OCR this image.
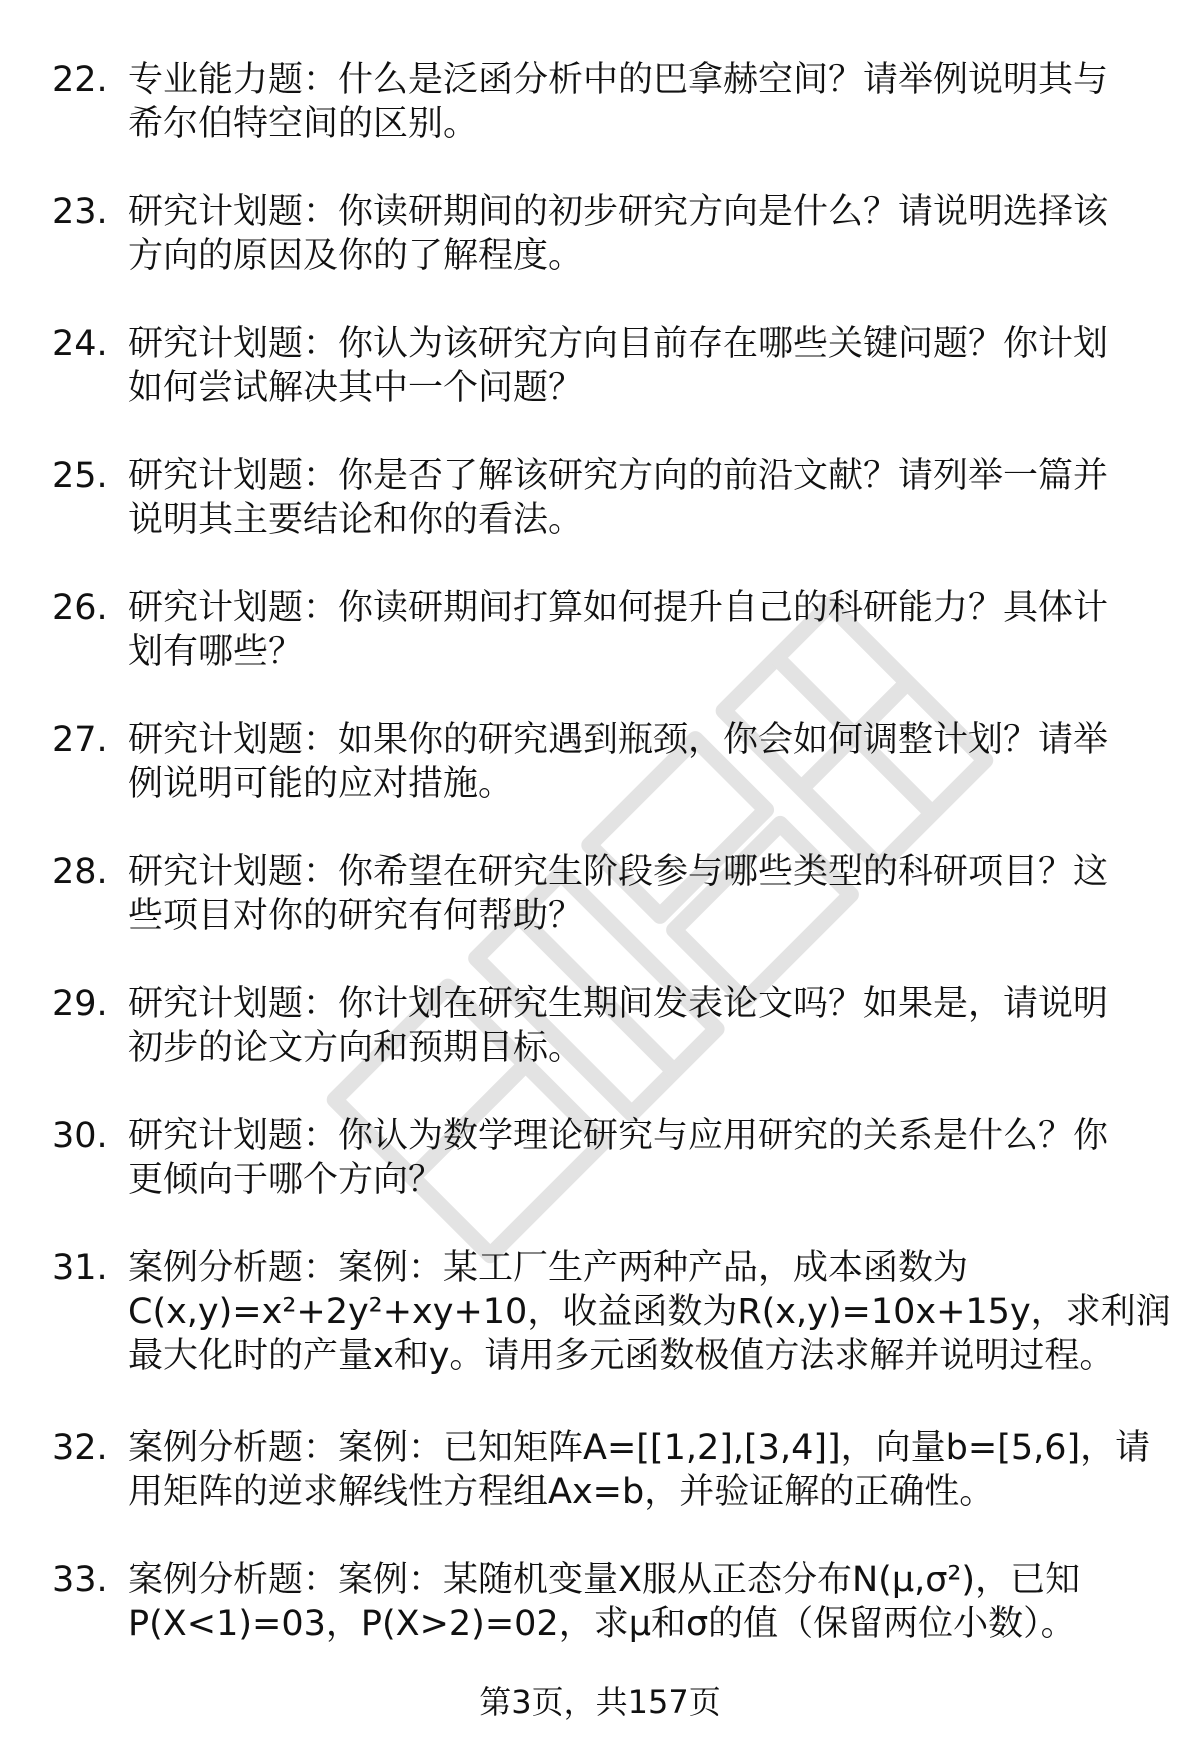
22. 专业能力题：什么是泛函分析中的巴拿赫空间？请举例说明其与
希尔伯特空间的区别。
23. 研究计划题：你读研期间的初步研究方向是什么？请说明选择该
方向的原因及你的了解程度。
24. 研究计划题：你认为该研究方向目前存在哪些关键问题？你计划
如何尝试解决其中一个问题？
25. 研究计划题：你是否了解该研究方向的前沿文献？请列举一篇并
说明其主要结论和你的看法。
26. 研究计划题：你读研期间打算如何提升自己的科研能力？具体计
划有哪些？
27. 研究计划题：如果你的研究遇到瓶颈，你会如何调整计划？请举
例说明可能的应对措施。
28. 研究计划题：你希望在研究生阶段参与哪些类型的科研项目？这
些项目对你的研究有何帮助？
29. 研究计划题：你计划在研究生期间发表论文吗？如果是，请说明
初步的论文方向和预期目标。
30. 研究计划题：你认为数学理论研究与应用研究的关系是什么？你
更倾向于哪个方向？
31. 案例分析题：案例：某工厂生产两种产品，成本函数为
C(x,y)=x²+2y²+xy+10，收益函数为R(x,y)=10x+15y，求利润
最大化时的产量x和y。请用多元函数极值方法求解并说明过程。
32. 案例分析题：案例：已知矩阵A=[[1,2],[3,4]]，向量b=[5,6]，请
用矩阵的逆求解线性方程组Ax=b，并验证解的正确性。
33. 案例分析题：案例：某随机变量X服从正态分布N(μ,σ²)，已知
P(X<1)=03，P(X>2)=02，求μ和σ的值（保留两位小数）。
第3页，共157页
